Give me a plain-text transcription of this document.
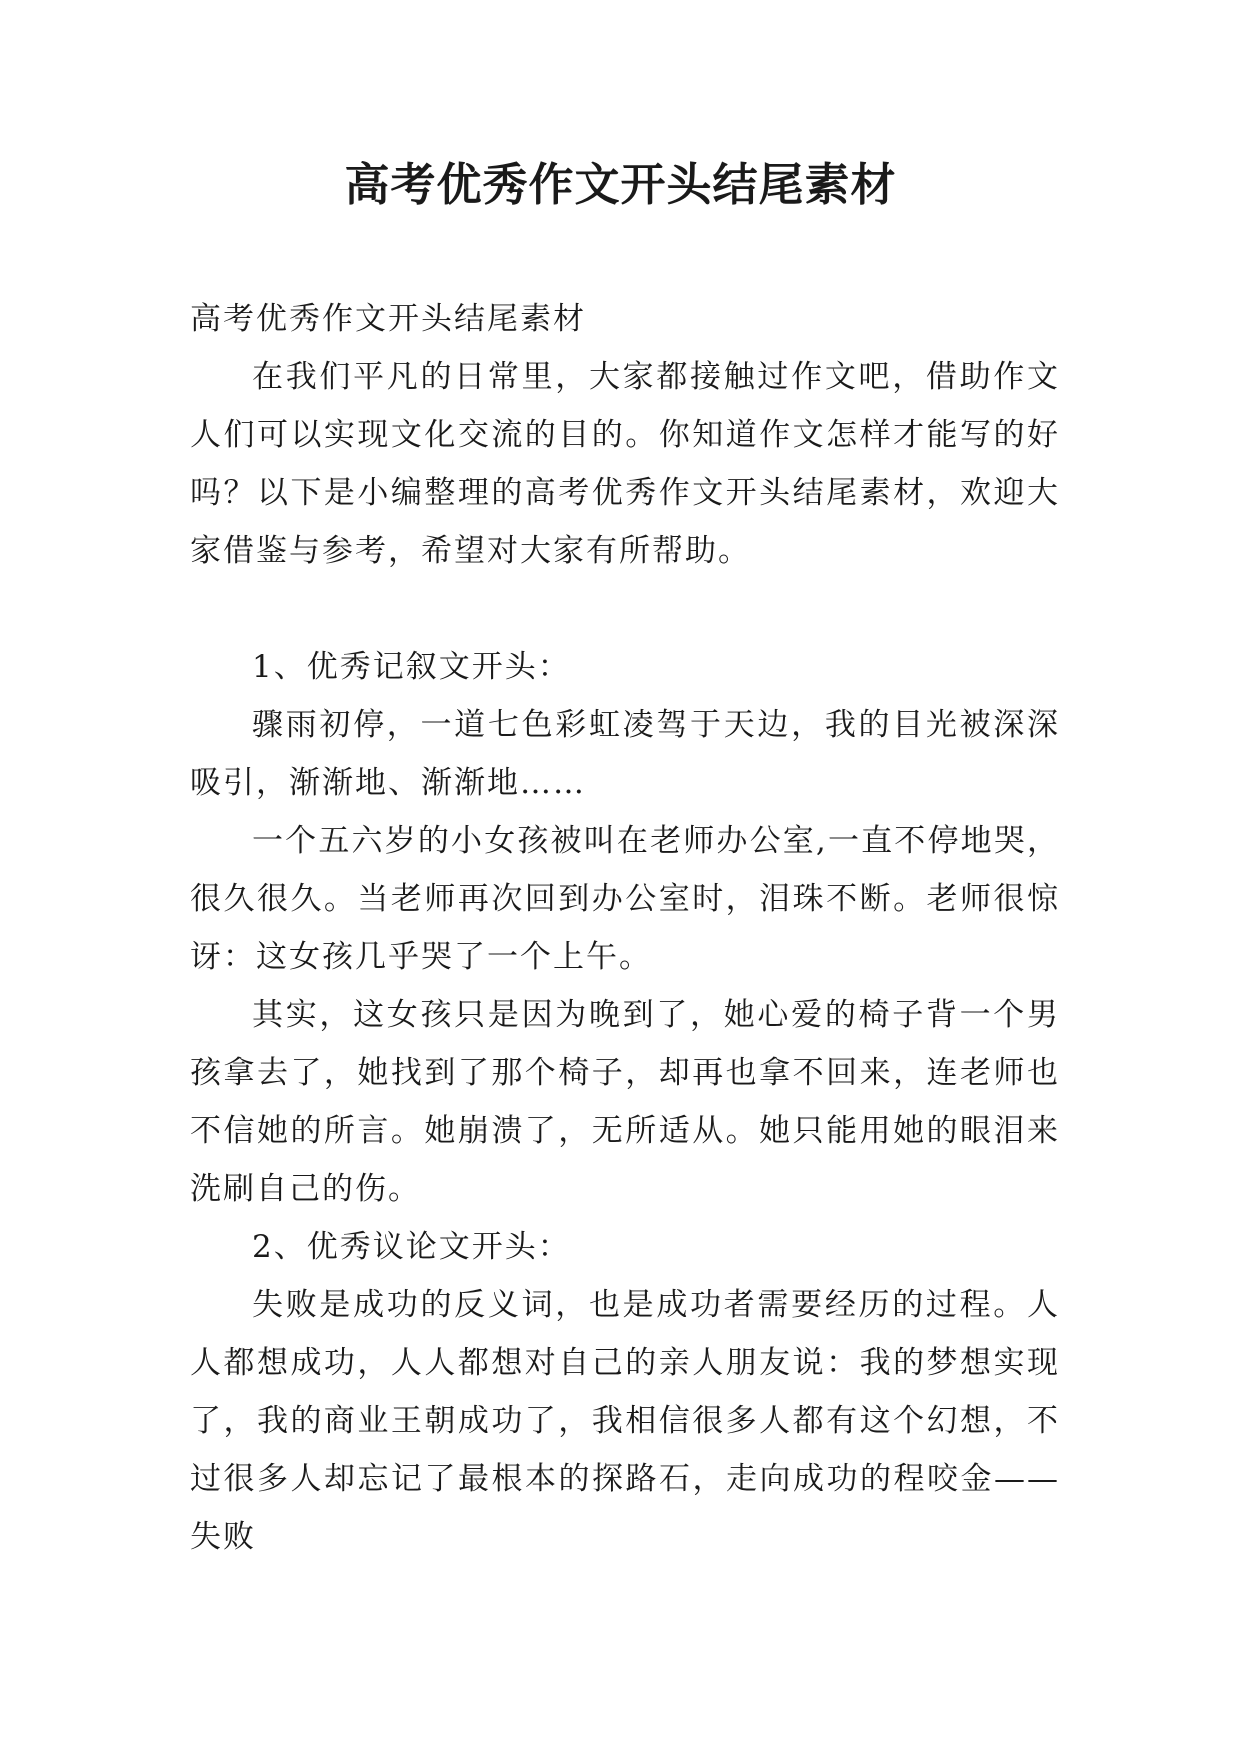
高考优秀作文开头结尾素材

高考优秀作文开头结尾素材

在我们平凡的日常里，大家都接触过作文吧，借助作文人们可以实现文化交流的目的。你知道作文怎样才能写的好吗？以下是小编整理的高考优秀作文开头结尾素材，欢迎大家借鉴与参考，希望对大家有所帮助。

1、优秀记叙文开头：

骤雨初停，一道七色彩虹凌驾于天边，我的目光被深深吸引，渐渐地、渐渐地……

一个五六岁的小女孩被叫在老师办公室,一直不停地哭，很久很久。当老师再次回到办公室时，泪珠不断。老师很惊讶：这女孩几乎哭了一个上午。

其实，这女孩只是因为晚到了，她心爱的椅子背一个男孩拿去了，她找到了那个椅子，却再也拿不回来，连老师也不信她的所言。她崩溃了，无所适从。她只能用她的眼泪来洗刷自己的伤。

2、优秀议论文开头：

失败是成功的反义词，也是成功者需要经历的过程。人人都想成功，人人都想对自己的亲人朋友说：我的梦想实现了，我的商业王朝成功了，我相信很多人都有这个幻想，不过很多人却忘记了最根本的探路石，走向成功的程咬金——失败
